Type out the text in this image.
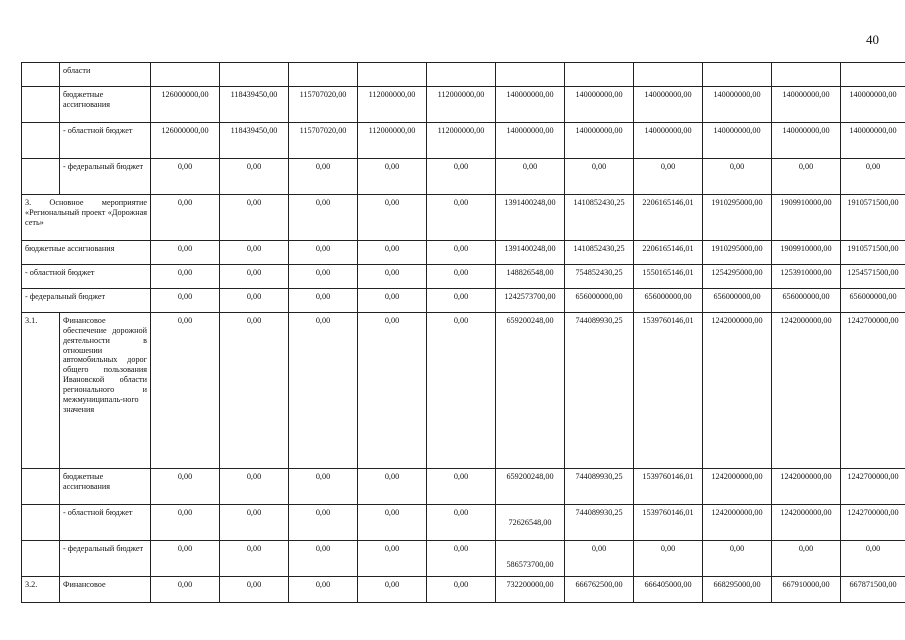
40
	области											
	бюджетные ассигнования	126000000,00	118439450,00	115707020,00	112000000,00	112000000,00	140000000,00	140000000,00	140000000,00	140000000,00	140000000,00	140000000,00
	- областной бюджет	126000000,00	118439450,00	115707020,00	112000000,00	112000000,00	140000000,00	140000000,00	140000000,00	140000000,00	140000000,00	140000000,00
	- федеральный бюджет	0,00	0,00	0,00	0,00	0,00	0,00	0,00	0,00	0,00	0,00	0,00
3. Основное мероприятие «Региональный проект «Дорожная сеть»		0,00	0,00	0,00	0,00	0,00	1391400248,00	1410852430,25	2206165146,01	1910295000,00	1909910000,00	1910571500,00
бюджетные ассигнования		0,00	0,00	0,00	0,00	0,00	1391400248,00	1410852430,25	2206165146,01	1910295000,00	1909910000,00	1910571500,00
- областной бюджет		0,00	0,00	0,00	0,00	0,00	148826548,00	754852430,25	1550165146,01	1254295000,00	1253910000,00	1254571500,00
- федеральный бюджет		0,00	0,00	0,00	0,00	0,00	1242573700,00	656000000,00	656000000,00	656000000,00	656000000,00	656000000,00
3.1.	Финансовое обеспечение дорожной деятельности в отношении автомобильных дорог общего пользования Ивановской области регионального и межмуниципаль-ного значения	0,00	0,00	0,00	0,00	0,00	659200248,00	744089930,25	1539760146,01	1242000000,00	1242000000,00	1242700000,00
	бюджетные ассигнования	0,00	0,00	0,00	0,00	0,00	659200248,00	744089930,25	1539760146,01	1242000000,00	1242000000,00	1242700000,00
	- областной бюджет	0,00	0,00	0,00	0,00	0,00	72626548,00	744089930,25	1539760146,01	1242000000,00	1242000000,00	1242700000,00
	- федеральный бюджет	0,00	0,00	0,00	0,00	0,00	586573700,00	0,00	0,00	0,00	0,00	0,00
3.2.	Финансовое	0,00	0,00	0,00	0,00	0,00	732200000,00	666762500,00	666405000,00	668295000,00	667910000,00	667871500,00
